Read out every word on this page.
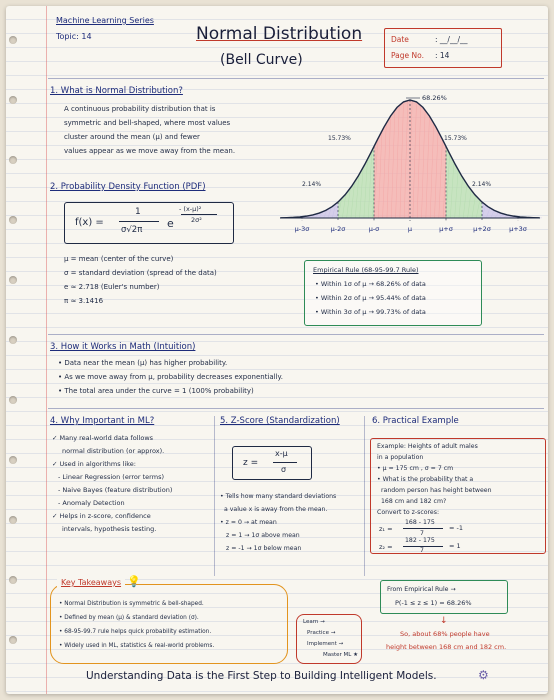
Machine Learning Series
Topic: 14	Normal Distribution
(Bell Curve)
Date	: __/__/__
Page No. : 14
1. What is Normal Distribution?
A continuous probability distribution that is
symmetric and bell-shaped, where most values
cluster around the mean (μ) and fewer
values appear as we move away from the mean.
μ-3σ	μ-2σ	μ-σ	μ	μ+σ	μ+2σ	μ+3σ
68.26%
15.73%	15.73%
2.14%	2.14%
2. Probability Density Function (PDF)
f(x) =
1
σ√2π e
- (x-μ)²
2σ²
μ = mean (center of the curve)
σ = standard deviation (spread of the data)
e ≈ 2.718 (Euler's number)
π ≈ 3.1416
Empirical Rule (68-95-99.7 Rule)
• Within 1σ of μ → 68.26% of data
• Within 2σ of μ → 95.44% of data
• Within 3σ of μ → 99.73% of data
3. How it Works in Math (Intuition)
• Data near the mean (μ) has higher probability.
• As we move away from μ, probability decreases exponentially.
• The total area under the curve = 1 (100% probability)
4. Why Important in ML?
✓ Many real-world data follows
normal distribution (or approx).
✓ Used in algorithms like:
- Linear Regression (error terms)
- Naive Bayes (feature distribution)
- Anomaly Detection
✓ Helps in z-score, confidence
intervals, hypothesis testing.
5. Z-Score (Standardization)
z =
x-μ
σ
• Tells how many standard deviations
a value x is away from the mean.
• z = 0 → at mean
z = 1 → 1σ above mean
z = -1 → 1σ below mean
6. Practical Example
Example: Heights of adult males
in a population
• μ = 175 cm , σ = 7 cm
• What is the probability that a
random person has height between
168 cm and 182 cm?
Convert to z-scores:
z₁ =
168 - 175
7
= -1
z₂ =
182 - 175
7
= 1
From Empirical Rule →
P(-1 ≤ z ≤ 1) = 68.26%
↓
So, about 68% people have
height between 168 cm and 182 cm.
Key Takeaways 💡
• Normal Distribution is symmetric & bell-shaped.
• Defined by mean (μ) & standard deviation (σ).
• 68-95-99.7 rule helps quick probability estimation.
• Widely used in ML, statistics & real-world problems.
Learn →
Practice →
Implement →
Master ML ★
Understanding Data is the First Step to Building Intelligent Models.	⚙
